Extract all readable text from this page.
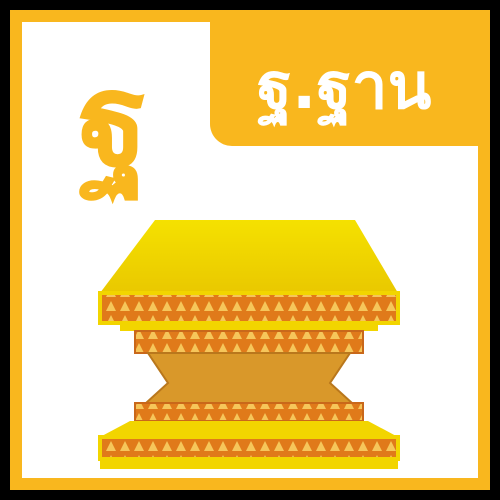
ฐ	ฐ.ฐาน
